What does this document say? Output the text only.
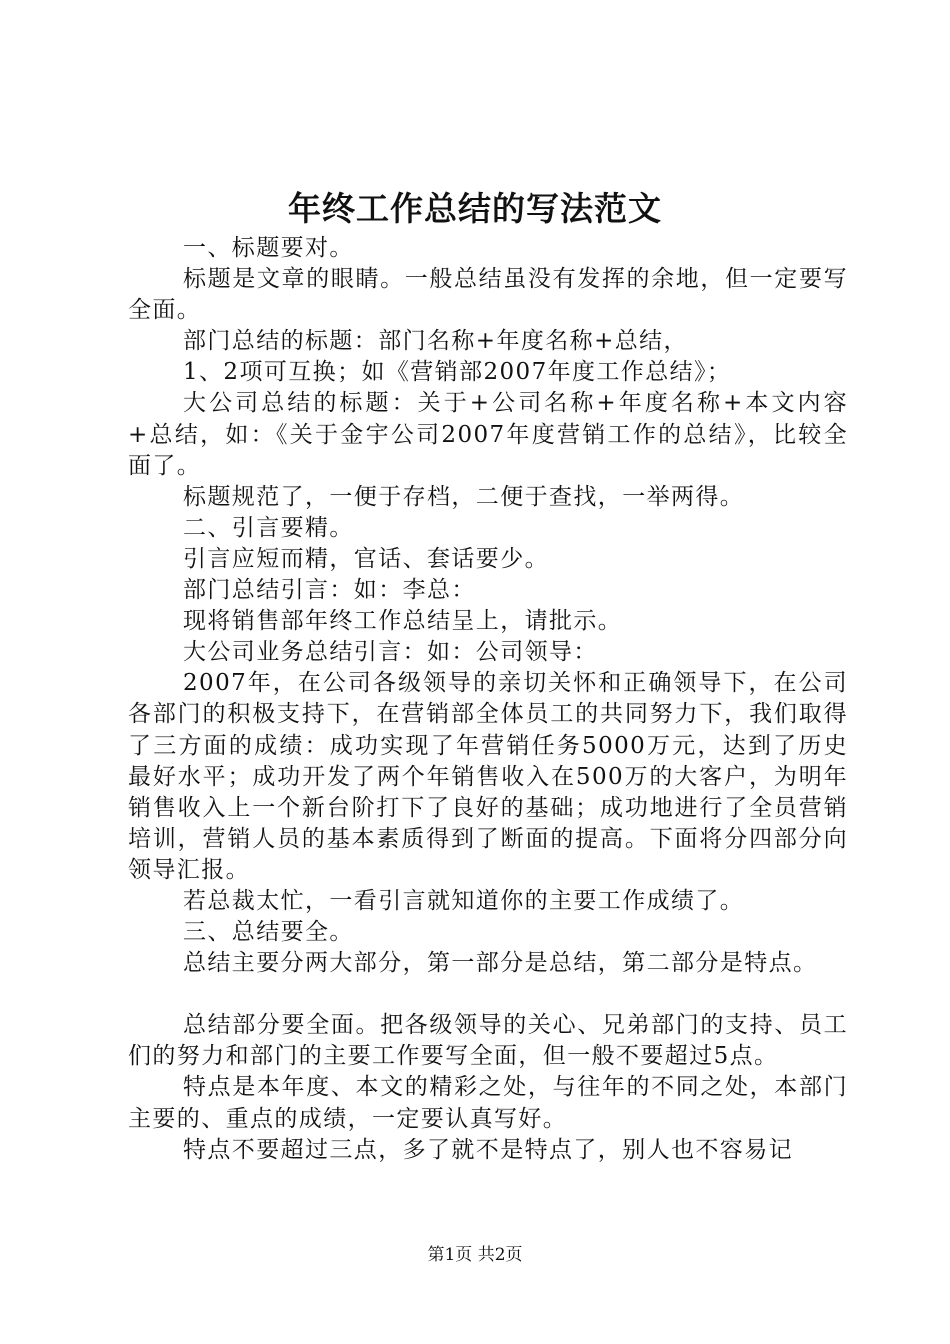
年终工作总结的写法范文

一、标题要对。

标题是文章的眼睛。一般总结虽没有发挥的余地，但一定要写全面。

部门总结的标题：部门名称+年度名称+总结，

1、2项可互换；如《营销部2007年度工作总结》；

大公司总结的标题：关于+公司名称+年度名称+本文内容+总结，如：《关于金宇公司2007年度营销工作的总结》，比较全面了。

标题规范了，一便于存档，二便于查找，一举两得。

二、引言要精。

引言应短而精，官话、套话要少。

部门总结引言：如：李总：

现将销售部年终工作总结呈上，请批示。

大公司业务总结引言：如：公司领导：

2007年，在公司各级领导的亲切关怀和正确领导下，在公司各部门的积极支持下，在营销部全体员工的共同努力下，我们取得了三方面的成绩：成功实现了年营销任务5000万元，达到了历史最好水平；成功开发了两个年销售收入在500万的大客户，为明年销售收入上一个新台阶打下了良好的基础；成功地进行了全员营销培训，营销人员的基本素质得到了断面的提高。下面将分四部分向领导汇报。

若总裁太忙，一看引言就知道你的主要工作成绩了。

三、总结要全。

总结主要分两大部分，第一部分是总结，第二部分是特点。

总结部分要全面。把各级领导的关心、兄弟部门的支持、员工们的努力和部门的主要工作要写全面，但一般不要超过5点。

特点是本年度、本文的精彩之处，与往年的不同之处，本部门主要的、重点的成绩，一定要认真写好。

特点不要超过三点，多了就不是特点了，别人也不容易记

第1页 共2页
